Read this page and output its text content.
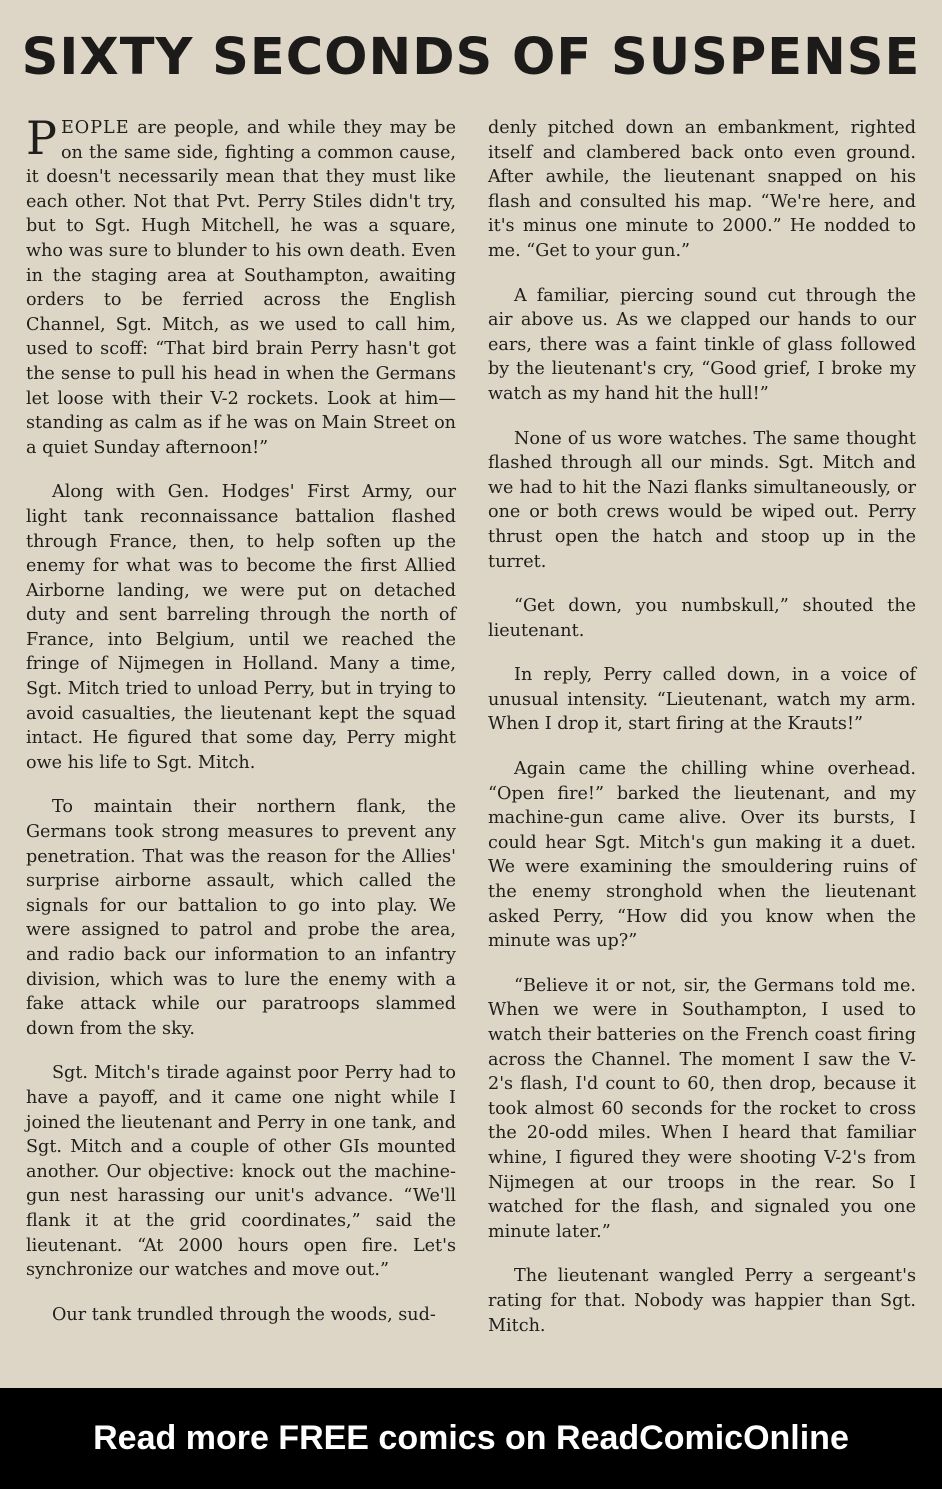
SIXTY SECONDS OF SUSPENSE

PEOPLE are people, and while they may be on the same side, fighting a common cause, it doesn't necessarily mean that they must like each other. Not that Pvt. Perry Stiles didn't try, but to Sgt. Hugh Mitchell, he was a square, who was sure to blunder to his own death. Even in the staging area at Southampton, awaiting orders to be ferried across the English Channel, Sgt. Mitch, as we used to call him, used to scoff: “That bird brain Perry hasn't got the sense to pull his head in when the Germans let loose with their V-2 rockets. Look at him—standing as calm as if he was on Main Street on a quiet Sunday afternoon!”

Along with Gen. Hodges' First Army, our light tank reconnaissance battalion flashed through France, then, to help soften up the enemy for what was to become the first Allied Airborne landing, we were put on detached duty and sent barreling through the north of France, into Belgium, until we reached the fringe of Nijmegen in Holland. Many a time, Sgt. Mitch tried to unload Perry, but in trying to avoid casualties, the lieutenant kept the squad intact. He figured that some day, Perry might owe his life to Sgt. Mitch.

To maintain their northern flank, the Germans took strong measures to prevent any penetration. That was the reason for the Allies' surprise airborne assault, which called the signals for our battalion to go into play. We were assigned to patrol and probe the area, and radio back our information to an infantry division, which was to lure the enemy with a fake attack while our paratroops slammed down from the sky.

Sgt. Mitch's tirade against poor Perry had to have a payoff, and it came one night while I joined the lieutenant and Perry in one tank, and Sgt. Mitch and a couple of other GIs mounted another. Our objective: knock out the machine-gun nest harassing our unit's advance. “We'll flank it at the grid coordinates,” said the lieutenant. “At 2000 hours open fire. Let's synchronize our watches and move out.”

Our tank trundled through the woods, sud-

denly pitched down an embankment, righted itself and clambered back onto even ground. After awhile, the lieutenant snapped on his flash and consulted his map. “We're here, and it's minus one minute to 2000.” He nodded to me. “Get to your gun.”

A familiar, piercing sound cut through the air above us. As we clapped our hands to our ears, there was a faint tinkle of glass followed by the lieutenant's cry, “Good grief, I broke my watch as my hand hit the hull!”

None of us wore watches. The same thought flashed through all our minds. Sgt. Mitch and we had to hit the Nazi flanks simultaneously, or one or both crews would be wiped out. Perry thrust open the hatch and stoop up in the turret.

“Get down, you numbskull,” shouted the lieutenant.

In reply, Perry called down, in a voice of unusual intensity. “Lieutenant, watch my arm. When I drop it, start firing at the Krauts!”

Again came the chilling whine overhead. “Open fire!” barked the lieutenant, and my machine-gun came alive. Over its bursts, I could hear Sgt. Mitch's gun making it a duet. We were examining the smouldering ruins of the enemy stronghold when the lieutenant asked Perry, “How did you know when the minute was up?”

“Believe it or not, sir, the Germans told me. When we were in Southampton, I used to watch their batteries on the French coast firing across the Channel. The moment I saw the V-2's flash, I'd count to 60, then drop, because it took almost 60 seconds for the rocket to cross the 20-odd miles. When I heard that familiar whine, I figured they were shooting V-2's from Nijmegen at our troops in the rear. So I watched for the flash, and signaled you one minute later.”

The lieutenant wangled Perry a sergeant's rating for that. Nobody was happier than Sgt. Mitch.

Read more FREE comics on ReadComicOnline
